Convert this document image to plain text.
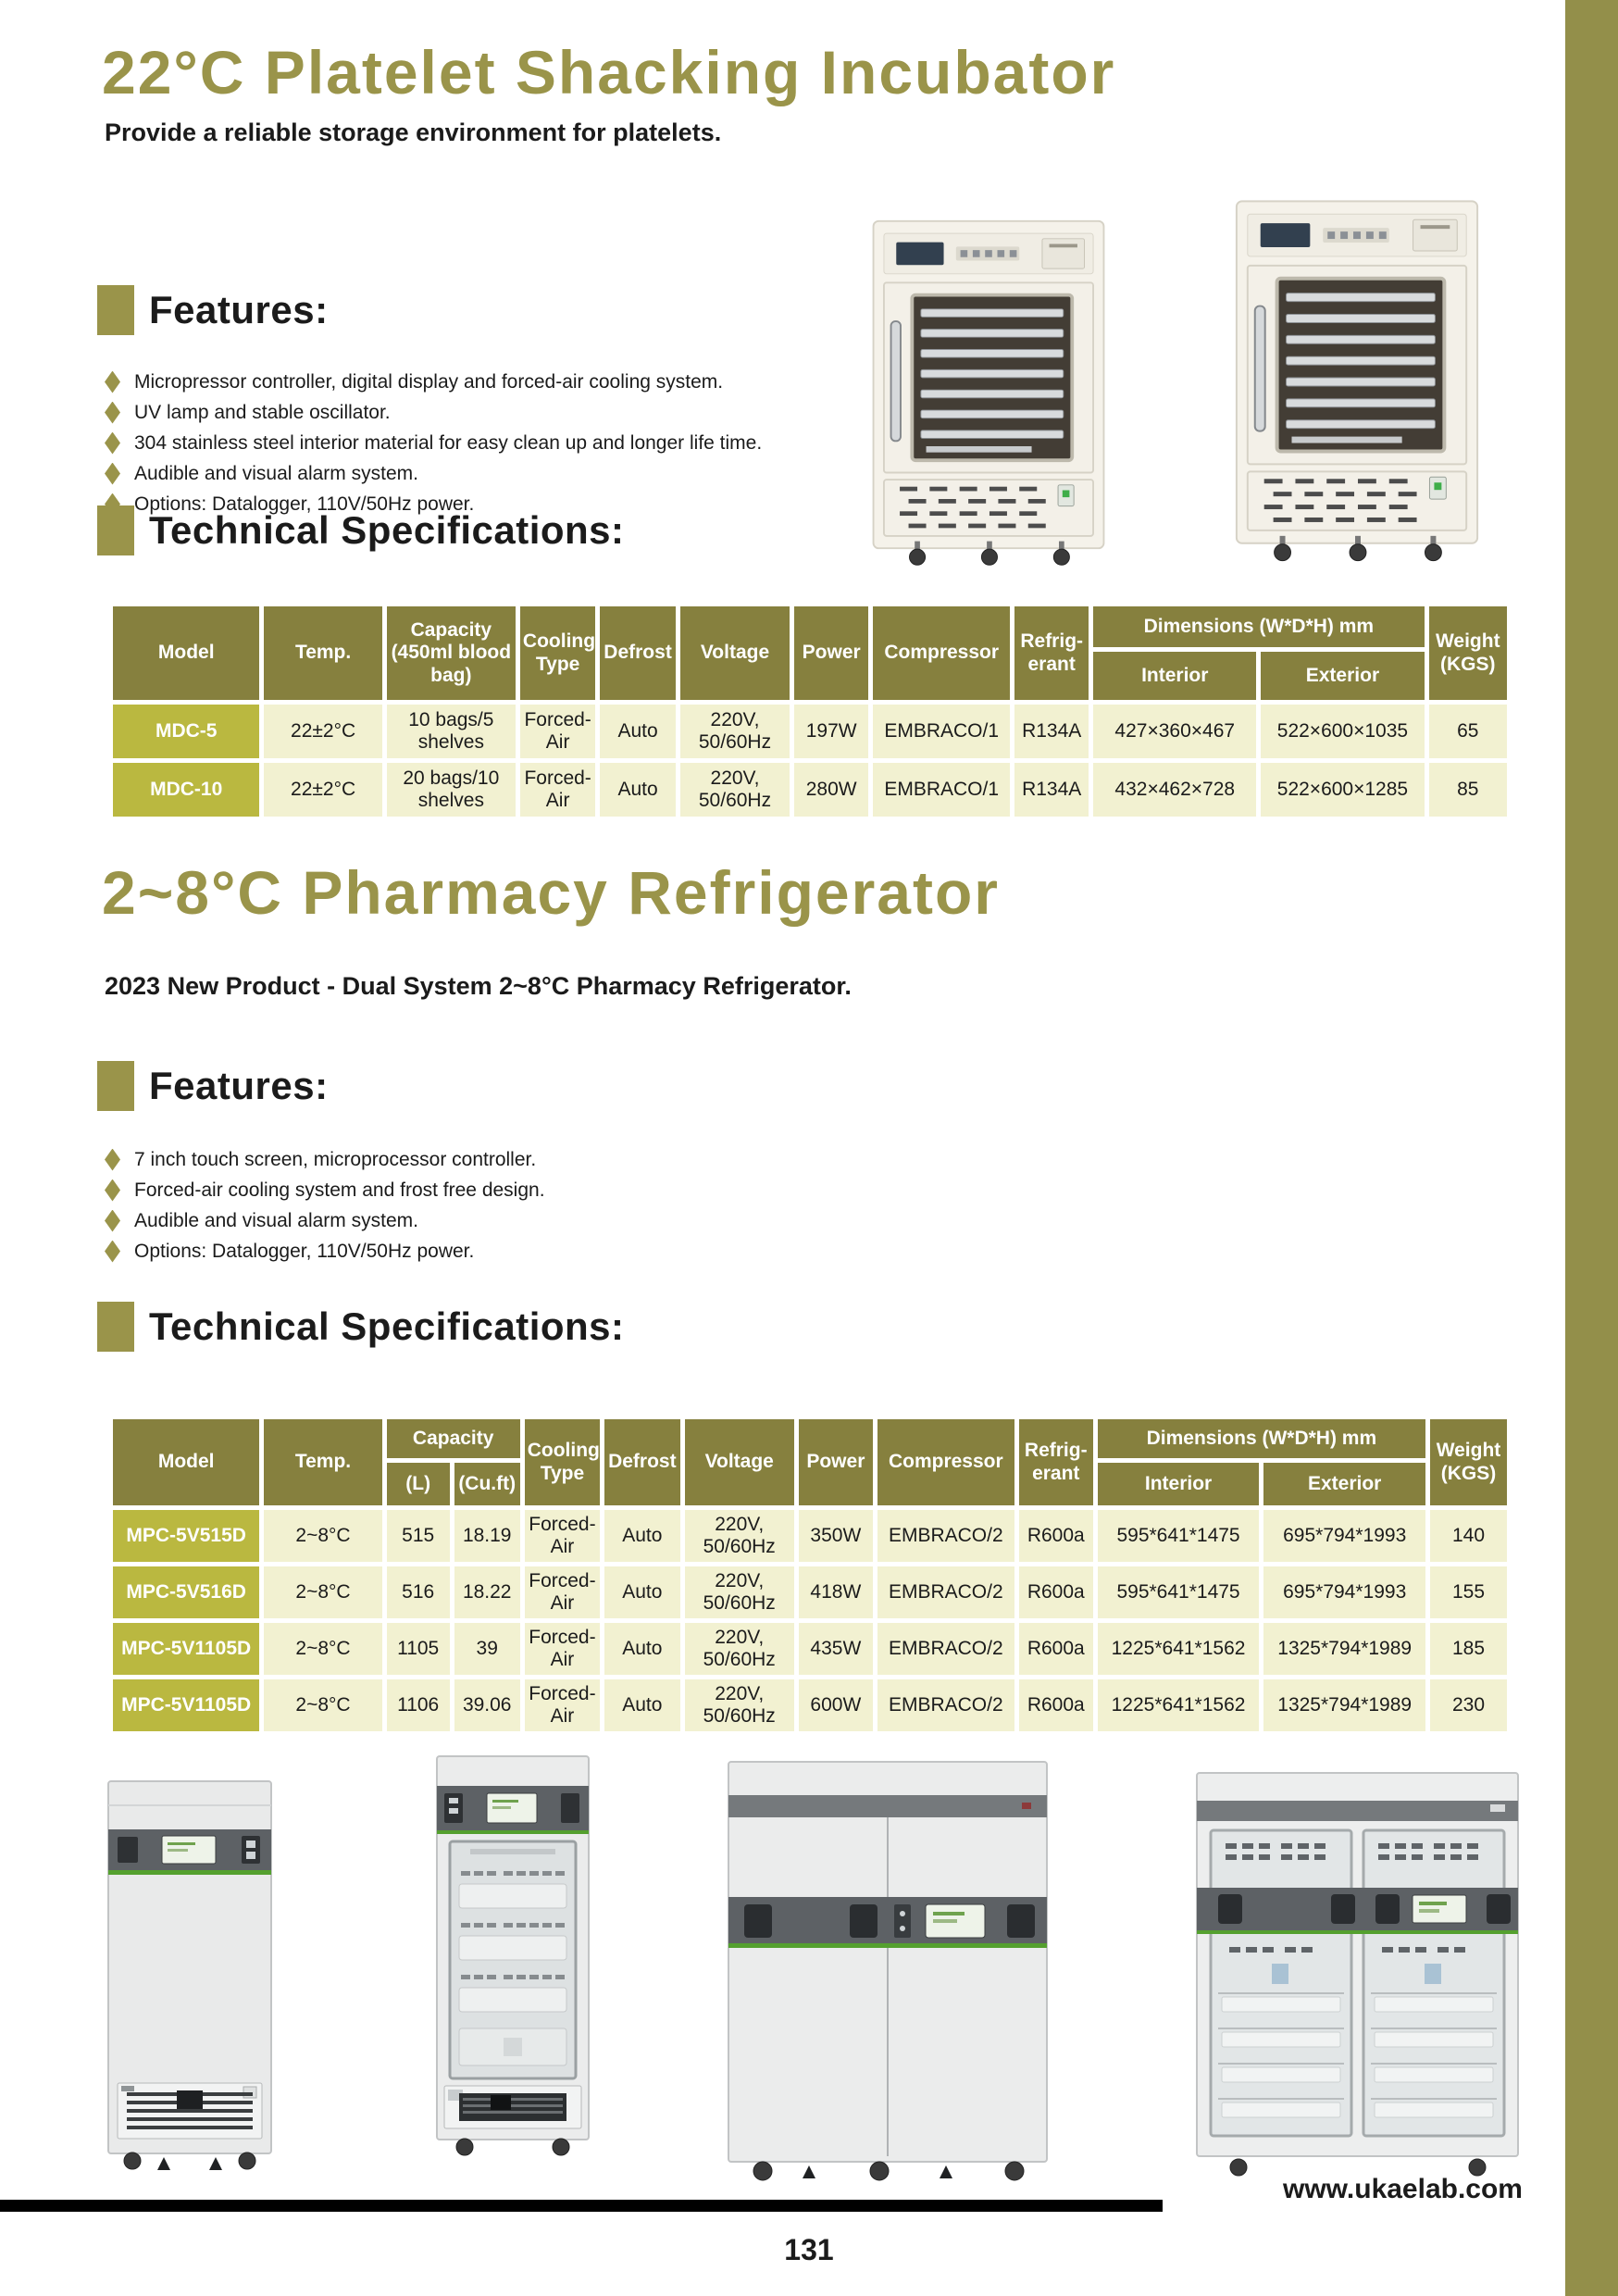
22°C Platelet Shacking Incubator
Provide a reliable storage environment for platelets.
Features:
Micropressor controller, digital display and forced-air cooling system.
UV lamp and stable oscillator.
304 stainless steel interior material for easy clean up and longer life time.
Audible and visual alarm system.
Options: Datalogger, 110V/50Hz power.
Technical Specifications:
Model	Temp.	Capacity (450ml blood bag)	Cooling Type	Defrost	Voltage	Power	Compressor	Refrig-erant	Dimensions (W*D*H) mm		Weight (KGS)
									Interior	Exterior	
MDC-5	22±2°C	10 bags/5 shelves	Forced-Air	Auto	220V, 50/60Hz	197W	EMBRACO/1	R134A	427×360×467	522×600×1035	65
MDC-10	22±2°C	20 bags/10 shelves	Forced-Air	Auto	220V, 50/60Hz	280W	EMBRACO/1	R134A	432×462×728	522×600×1285	85
2~8°C Pharmacy Refrigerator
2023 New Product - Dual System 2~8°C Pharmacy Refrigerator.
Features:
7 inch touch screen, microprocessor controller.
Forced-air cooling system and frost free design.
Audible and visual alarm system.
Options: Datalogger, 110V/50Hz power.
Technical Specifications:
Model	Temp.	Capacity		Cooling Type	Defrost	Voltage	Power	Compressor	Refrig-erant	Dimensions (W*D*H) mm		Weight (KGS)
		(L)	(Cu.ft)							Interior	Exterior	
MPC-5V515D	2~8°C	515	18.19	Forced-Air	Auto	220V, 50/60Hz	350W	EMBRACO/2	R600a	595*641*1475	695*794*1993	140
MPC-5V516D	2~8°C	516	18.22	Forced-Air	Auto	220V, 50/60Hz	418W	EMBRACO/2	R600a	595*641*1475	695*794*1993	155
MPC-5V1105D	2~8°C	1105	39	Forced-Air	Auto	220V, 50/60Hz	435W	EMBRACO/2	R600a	1225*641*1562	1325*794*1989	185
MPC-5V1105D	2~8°C	1106	39.06	Forced-Air	Auto	220V, 50/60Hz	600W	EMBRACO/2	R600a	1225*641*1562	1325*794*1989	230
www.ukaelab.com
131
